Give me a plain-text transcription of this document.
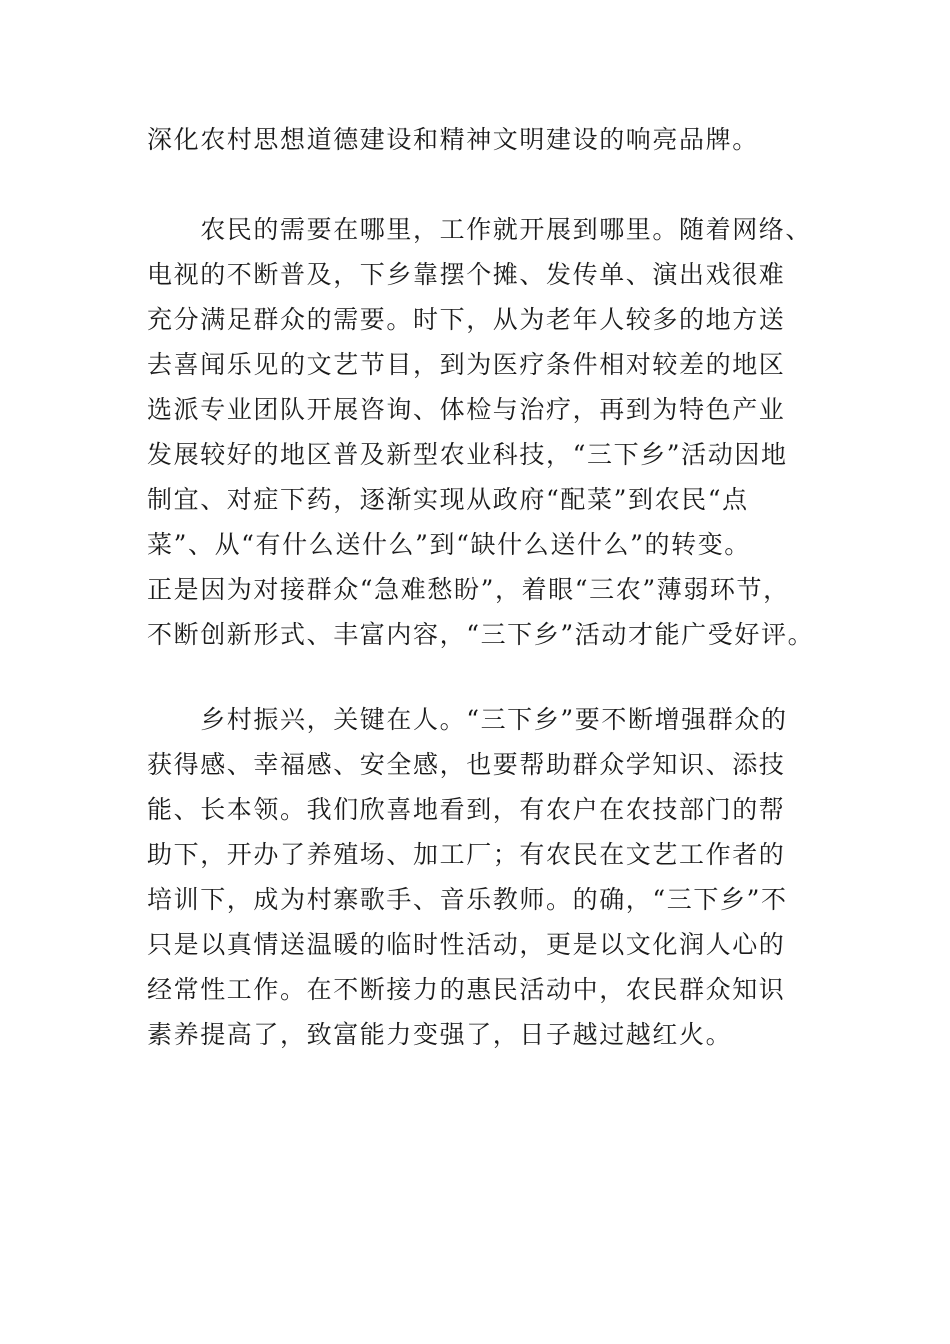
深化农村思想道德建设和精神文明建设的响亮品牌。
　　农民的需要在哪里，工作就开展到哪里。随着网络、
电视的不断普及，下乡靠摆个摊、发传单、演出戏很难
充分满足群众的需要。时下，从为老年人较多的地方送
去喜闻乐见的文艺节目，到为医疗条件相对较差的地区
选派专业团队开展咨询、体检与治疗，再到为特色产业
发展较好的地区普及新型农业科技，“三下乡”活动因地
制宜、对症下药，逐渐实现从政府“配菜”到农民“点
菜”、从“有什么送什么”到“缺什么送什么”的转变。
正是因为对接群众“急难愁盼”，着眼“三农”薄弱环节，
不断创新形式、丰富内容，“三下乡”活动才能广受好评。
　　乡村振兴，关键在人。“三下乡”要不断增强群众的
获得感、幸福感、安全感，也要帮助群众学知识、添技
能、长本领。我们欣喜地看到，有农户在农技部门的帮
助下，开办了养殖场、加工厂；有农民在文艺工作者的
培训下，成为村寨歌手、音乐教师。的确，“三下乡”不
只是以真情送温暖的临时性活动，更是以文化润人心的
经常性工作。在不断接力的惠民活动中，农民群众知识
素养提高了，致富能力变强了，日子越过越红火。
